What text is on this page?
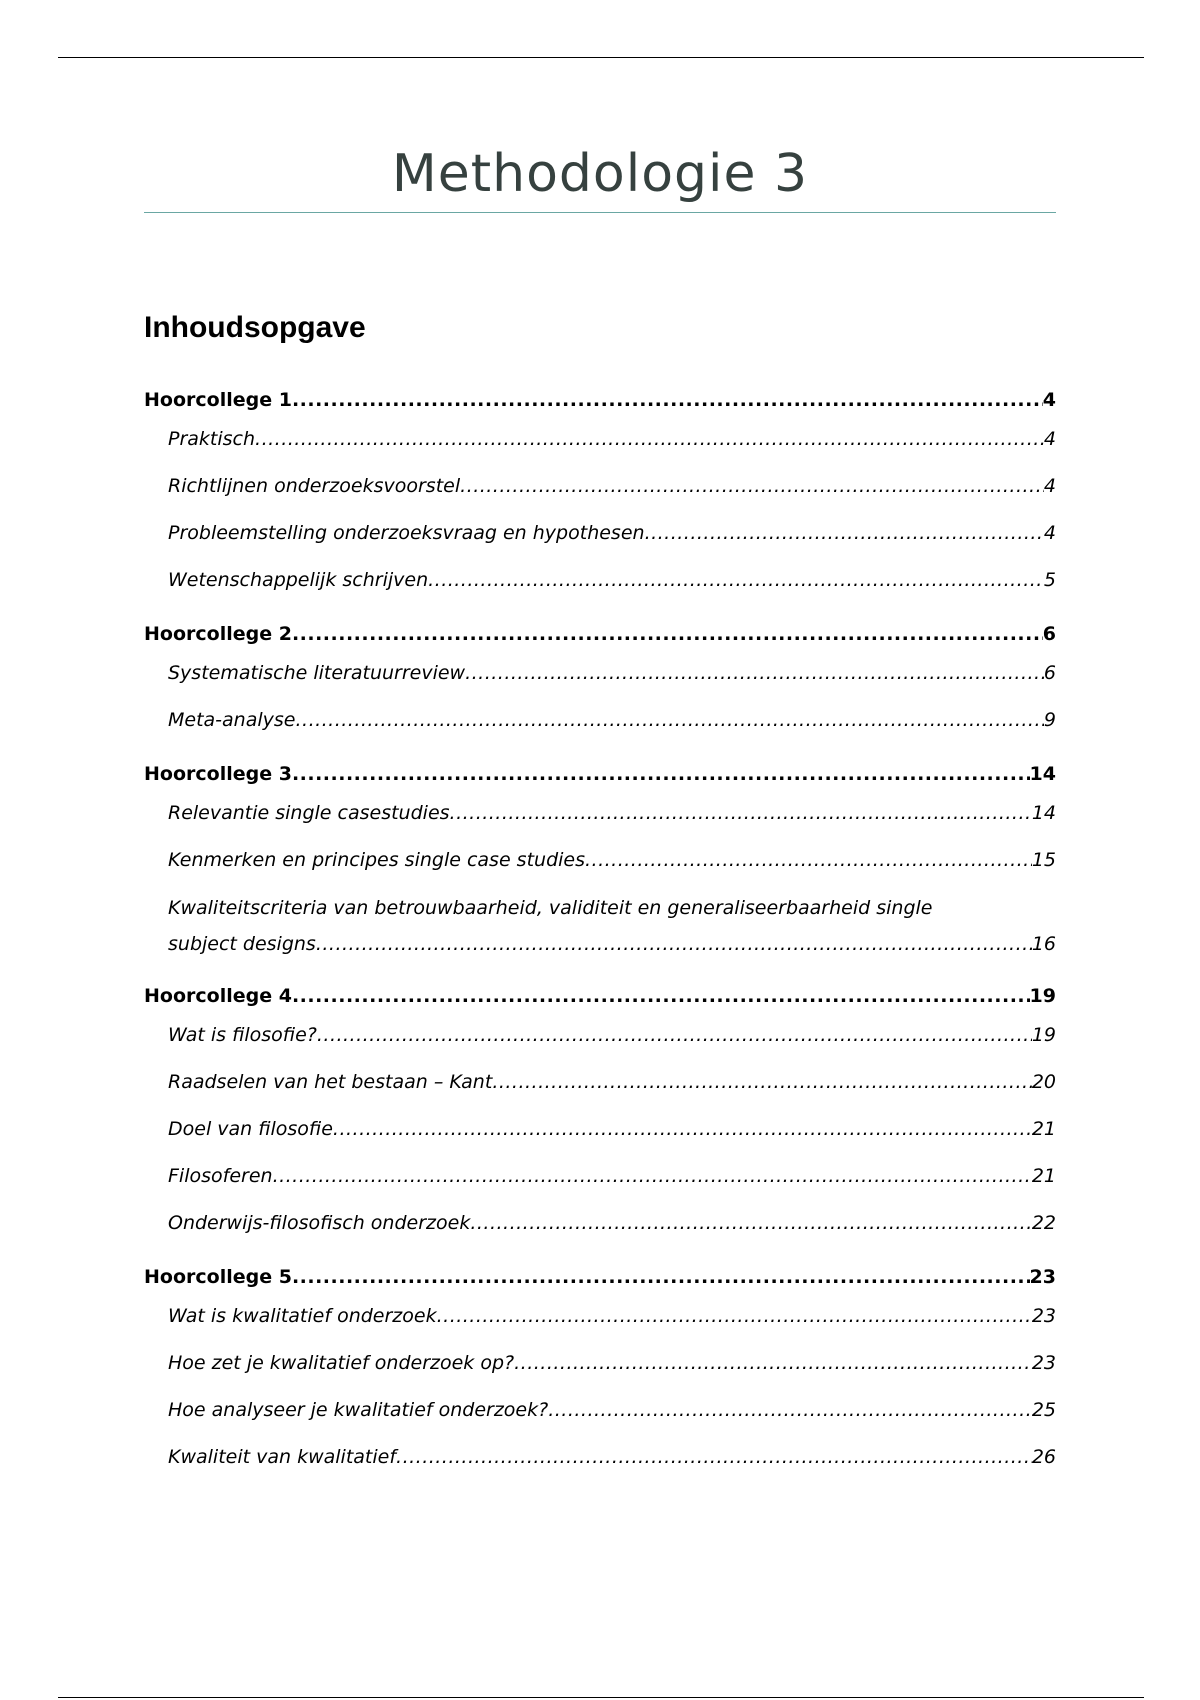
Methodologie 3
Inhoudsopgave
Hoorcollege 1 .....	4
Praktisch .....	4
Richtlijnen onderzoeksvoorstel .....	4
Probleemstelling onderzoeksvraag en hypothesen .....	4
Wetenschappelijk schrijven .....	5
Hoorcollege 2 .....	6
Systematische literatuurreview .....	6
Meta-analyse .....	9
Hoorcollege 3 .....	14
Relevantie single casestudies .....	14
Kenmerken en principes single case studies .....	15
Kwaliteitscriteria van betrouwbaarheid, validiteit en generaliseerbaarheid single
subject designs .....	16
Hoorcollege 4 .....	19
Wat is filosofie? .....	19
Raadselen van het bestaan – Kant .....	20
Doel van filosofie .....	21
Filosoferen .....	21
Onderwijs-filosofisch onderzoek .....	22
Hoorcollege 5 .....	23
Wat is kwalitatief onderzoek .....	23
Hoe zet je kwalitatief onderzoek op? .....	23
Hoe analyseer je kwalitatief onderzoek? .....	25
Kwaliteit van kwalitatief .....	26
